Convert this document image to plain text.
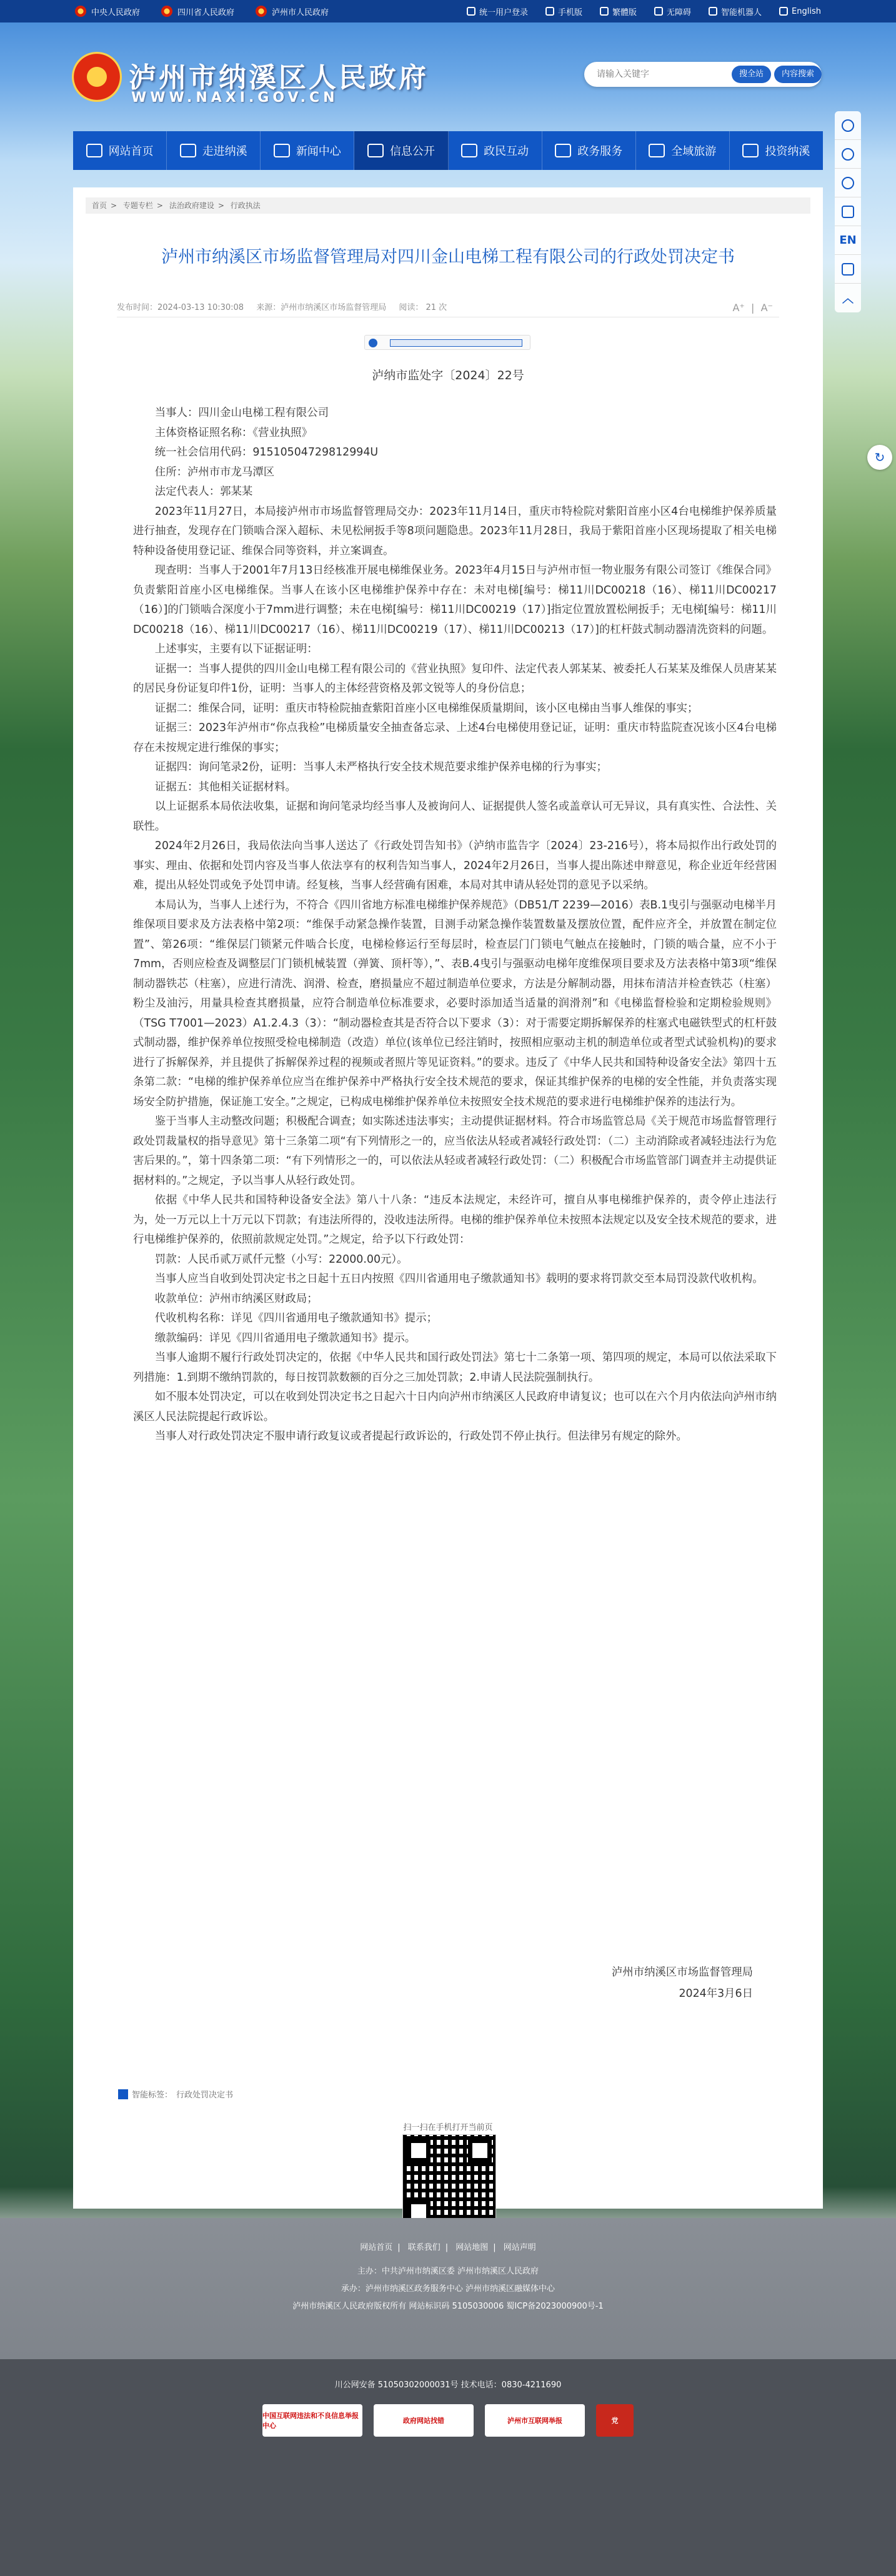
中央人民政府	四川省人民政府	泸州市人民政府	统一用户登录	手机版	繁體版	无障碍	智能机器人	English
泸州市纳溪区人民政府
WWW.NAXI.GOV.CN
请输入关键字
搜全站	内容搜索
网站首页	走进纳溪	新闻中心	信息公开	政民互动	政务服务	全域旅游	投资纳溪
EN
︿
↻
首页 > 专题专栏 > 法治政府建设 > 行政执法
泸州市纳溪区市场监督管理局对四川金山电梯工程有限公司的行政处罚决定书
发布时间：2024-03-13 10:30:08 来源：泸州市纳溪区市场监督管理局 阅读： 21 次	A⁺  |  A⁻
泸纳市监处字〔2024〕22号

当事人：四川金山电梯工程有限公司

主体资格证照名称：《营业执照》

统一社会信用代码：91510504729812994U

住所：泸州市市龙马潭区

法定代表人：郭某某

2023年11月27日，本局接泸州市市场监督管理局交办：2023年11月14日，重庆市特检院对紫阳首座小区4台电梯维护保养质量进行抽查，发现存在门锁啮合深入超标、未见松闸扳手等8项问题隐患。2023年11月28日，我局于紫阳首座小区现场提取了相关电梯特种设备使用登记证、维保合同等资料，并立案调查。

现查明：当事人于2001年7月13日经核准开展电梯维保业务。2023年4月15日与泸州市恒一物业服务有限公司签订《维保合同》负责紫阳首座小区电梯维保。当事人在该小区电梯维护保养中存在：未对电梯[编号：梯11川DC00218（16）、梯11川DC00217（16）]的门锁啮合深度小于7mm进行调整；未在电梯[编号：梯11川DC00219（17）]指定位置放置松闸扳手；无电梯[编号：梯11川DC00218（16）、梯11川DC00217（16）、梯11川DC00219（17）、梯11川DC00213（17）]的杠杆鼓式制动器清洗资料的问题。

上述事实，主要有以下证据证明：

证据一：当事人提供的四川金山电梯工程有限公司的《营业执照》复印件、法定代表人郭某某、被委托人石某某及维保人员唐某某的居民身份证复印件1份，证明：当事人的主体经营资格及郭文锐等人的身份信息；

证据二：维保合同，证明：重庆市特检院抽查紫阳首座小区电梯维保质量期间，该小区电梯由当事人维保的事实；

证据三：2023年泸州市“你点我检”电梯质量安全抽查备忘录、上述4台电梯使用登记证，证明：重庆市特监院查况该小区4台电梯存在未按规定进行维保的事实；

证据四：询问笔录2份，证明：当事人未严格执行安全技术规范要求维护保养电梯的行为事实；

证据五：其他相关证据材料。

以上证据系本局依法收集，证据和询问笔录均经当事人及被询问人、证据提供人签名或盖章认可无异议，具有真实性、合法性、关联性。

2024年2月26日，我局依法向当事人送达了《行政处罚告知书》（泸纳市监告字〔2024〕23-216号），将本局拟作出行政处罚的事实、理由、依据和处罚内容及当事人依法享有的权利告知当事人，2024年2月26日，当事人提出陈述申辩意见，称企业近年经营困难，提出从轻处罚或免予处罚申请。经复核，当事人经营确有困难，本局对其申请从轻处罚的意见予以采纳。

本局认为，当事人上述行为，不符合《四川省地方标准电梯维护保养规范》（DB51/T 2239—2016）表B.1曳引与强驱动电梯半月维保项目要求及方法表格中第2项：“维保手动紧急操作装置，目测手动紧急操作装置数量及摆放位置，配件应齐全，并放置在制定位置”、第26项：“维保层门锁紧元件啮合长度，电梯检修运行至每层时，检查层门门锁电气触点在接触时，门锁的啮合量，应不小于7mm，否则应检查及调整层门门锁机械装置（弹簧、顶杆等），”、表B.4曳引与强驱动电梯年度维保项目要求及方法表格中第3项“维保制动器铁芯（柱塞），应进行清洗、润滑、检查，磨损量应不超过制造单位要求，方法是分解制动器，用抹布清洁并检查铁芯（柱塞）粉尘及油污，用量具检查其磨损量，应符合制造单位标准要求，必要时添加适当适量的润滑剂”和《电梯监督检验和定期检验规则》（TSG T7001—2023）A1.2.4.3（3）：“制动器检查其是否符合以下要求（3）：对于需要定期拆解保养的柱塞式电磁铁型式的杠杆鼓式制动器，维护保养单位按照受检电梯制造（改造）单位(该单位已经注销时，按照相应驱动主机的制造单位或者型式试验机构)的要求进行了拆解保养，并且提供了拆解保养过程的视频或者照片等见证资料。”的要求。违反了《中华人民共和国特种设备安全法》第四十五条第二款：“电梯的维护保养单位应当在维护保养中严格执行安全技术规范的要求，保证其维护保养的电梯的安全性能，并负责落实现场安全防护措施，保证施工安全。”之规定，已构成电梯维护保养单位未按照安全技术规范的要求进行电梯维护保养的违法行为。

鉴于当事人主动整改问题；积极配合调查；如实陈述违法事实；主动提供证据材料。符合市场监管总局《关于规范市场监督管理行政处罚裁量权的指导意见》第十三条第二项“有下列情形之一的，应当依法从轻或者减轻行政处罚：（二）主动消除或者减轻违法行为危害后果的。”，第十四条第二项：“有下列情形之一的，可以依法从轻或者减轻行政处罚：（二）积极配合市场监管部门调查并主动提供证据材料的。”之规定，予以当事人从轻行政处罚。

依据《中华人民共和国特种设备安全法》第八十八条：“违反本法规定，未经许可，擅自从事电梯维护保养的，责令停止违法行为，处一万元以上十万元以下罚款；有违法所得的，没收违法所得。电梯的维护保养单位未按照本法规定以及安全技术规范的要求，进行电梯维护保养的，依照前款规定处罚。”之规定，给予以下行政处罚：

罚款：人民币贰万贰仟元整（小写：22000.00元）。

当事人应当自收到处罚决定书之日起十五日内按照《四川省通用电子缴款通知书》载明的要求将罚款交至本局罚没款代收机构。

收款单位：泸州市纳溪区财政局；

代收机构名称：详见《四川省通用电子缴款通知书》提示；

缴款编码：详见《四川省通用电子缴款通知书》提示。

当事人逾期不履行行政处罚决定的，依据《中华人民共和国行政处罚法》第七十二条第一项、第四项的规定，本局可以依法采取下列措施：1.到期不缴纳罚款的，每日按罚款数额的百分之三加处罚款；2.申请人民法院强制执行。

如不服本处罚决定，可以在收到处罚决定书之日起六十日内向泸州市纳溪区人民政府申请复议；也可以在六个月内依法向泸州市纳溪区人民法院提起行政诉讼。

当事人对行政处罚决定不服申请行政复议或者提起行政诉讼的，行政处罚不停止执行。但法律另有规定的除外。

泸州市纳溪区市场监督管理局
2024年3月6日
智能标签： 行政处罚决定书
扫一扫在手机打开当前页
网站首页 | 联系我们 | 网站地图 | 网站声明
主办：中共泸州市纳溪区委 泸州市纳溪区人民政府
承办：泸州市纳溪区政务服务中心 泸州市纳溪区融媒体中心
泸州市纳溪区人民政府版权所有 网站标识码 5105030006 蜀ICP备2023000900号-1
川公网安备 51050302000031号 技术电话：0830-4211690
中国互联网违法和不良信息举报中心
政府网站找错	泸州市互联网举报	党
